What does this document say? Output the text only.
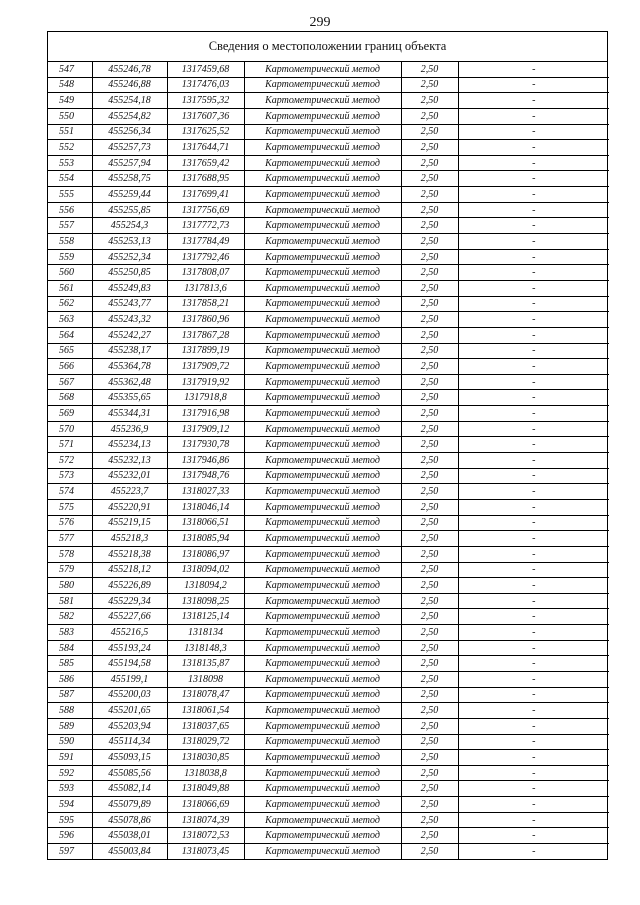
299
Сведения о местоположении границ объекта
547	455246,78	1317459,68	Картометрический метод	2,50		-
548	455246,88	1317476,03	Картометрический метод	2,50		-
549	455254,18	1317595,32	Картометрический метод	2,50		-
550	455254,82	1317607,36	Картометрический метод	2,50		-
551	455256,34	1317625,52	Картометрический метод	2,50		-
552	455257,73	1317644,71	Картометрический метод	2,50		-
553	455257,94	1317659,42	Картометрический метод	2,50		-
554	455258,75	1317688,95	Картометрический метод	2,50		-
555	455259,44	1317699,41	Картометрический метод	2,50		-
556	455255,85	1317756,69	Картометрический метод	2,50		-
557	455254,3	1317772,73	Картометрический метод	2,50		-
558	455253,13	1317784,49	Картометрический метод	2,50		-
559	455252,34	1317792,46	Картометрический метод	2,50		-
560	455250,85	1317808,07	Картометрический метод	2,50		-
561	455249,83	1317813,6	Картометрический метод	2,50		-
562	455243,77	1317858,21	Картометрический метод	2,50		-
563	455243,32	1317860,96	Картометрический метод	2,50		-
564	455242,27	1317867,28	Картометрический метод	2,50		-
565	455238,17	1317899,19	Картометрический метод	2,50		-
566	455364,78	1317909,72	Картометрический метод	2,50		-
567	455362,48	1317919,92	Картометрический метод	2,50		-
568	455355,65	1317918,8	Картометрический метод	2,50		-
569	455344,31	1317916,98	Картометрический метод	2,50		-
570	455236,9	1317909,12	Картометрический метод	2,50		-
571	455234,13	1317930,78	Картометрический метод	2,50		-
572	455232,13	1317946,86	Картометрический метод	2,50		-
573	455232,01	1317948,76	Картометрический метод	2,50		-
574	455223,7	1318027,33	Картометрический метод	2,50		-
575	455220,91	1318046,14	Картометрический метод	2,50		-
576	455219,15	1318066,51	Картометрический метод	2,50		-
577	455218,3	1318085,94	Картометрический метод	2,50		-
578	455218,38	1318086,97	Картометрический метод	2,50		-
579	455218,12	1318094,02	Картометрический метод	2,50		-
580	455226,89	1318094,2	Картометрический метод	2,50		-
581	455229,34	1318098,25	Картометрический метод	2,50		-
582	455227,66	1318125,14	Картометрический метод	2,50		-
583	455216,5	1318134	Картометрический метод	2,50		-
584	455193,24	1318148,3	Картометрический метод	2,50		-
585	455194,58	1318135,87	Картометрический метод	2,50		-
586	455199,1	1318098	Картометрический метод	2,50		-
587	455200,03	1318078,47	Картометрический метод	2,50		-
588	455201,65	1318061,54	Картометрический метод	2,50		-
589	455203,94	1318037,65	Картометрический метод	2,50		-
590	455114,34	1318029,72	Картометрический метод	2,50		-
591	455093,15	1318030,85	Картометрический метод	2,50		-
592	455085,56	1318038,8	Картометрический метод	2,50		-
593	455082,14	1318049,88	Картометрический метод	2,50		-
594	455079,89	1318066,69	Картометрический метод	2,50		-
595	455078,86	1318074,39	Картометрический метод	2,50		-
596	455038,01	1318072,53	Картометрический метод	2,50		-
597	455003,84	1318073,45	Картометрический метод	2,50		-
